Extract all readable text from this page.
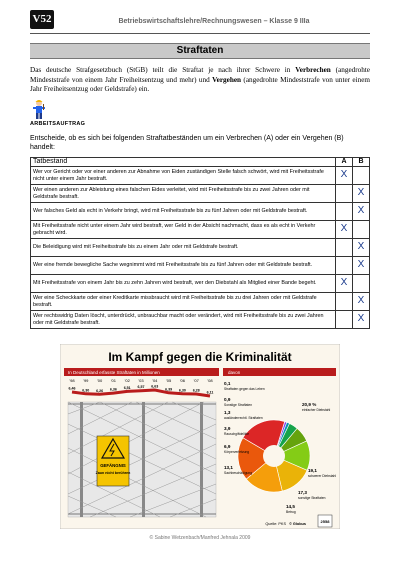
V52	Betriebswirtschaftslehre/Rechnungswesen – Klasse 9 IIIa
Straftaten
Das deutsche Strafgesetzbuch (StGB) teilt die Straftat je nach ihrer Schwere in Verbrechen (angedrohte Mindeststrafe von einem Jahr Freiheitsentzug und mehr) und Vergehen (angedrohte Mindeststrafe von unter einem Jahr Freiheitsentzug oder Geldstrafe) ein.
ARBEITSAUFTRAG
Entscheide, ob es sich bei folgenden Straftatbeständen um ein Verbrechen (A) oder ein Vergehen (B) handelt:
Tatbestand	A	B
Wer vor Gericht oder vor einer anderen zur Abnahme von Eiden zuständigen Stelle falsch schwört, wird mit Freiheitsstrafe nicht unter einem Jahr bestraft.	X	
Wer einen anderen zur Ableistung eines falschen Eides verleitet, wird mit Freiheitsstrafe bis zu zwei Jahren oder mit Geldstrafe bestraft.		X
Wer falsches Geld als echt in Verkehr bringt, wird mit Freiheitsstrafe bis zu fünf Jahren oder mit Geldstrafe bestraft.		X
Mit Freiheitsstrafe nicht unter einem Jahr wird bestraft, wer Geld in der Absicht nachmacht, dass es als echt in Verkehr gebracht wird.	X	
Die Beleidigung wird mit Freiheitsstrafe bis zu einem Jahr oder mit Geldstrafe bestraft.		X
Wer eine fremde bewegliche Sache wegnimmt wird mit Freiheitsstrafe bis zu fünf Jahren oder mit Geldstrafe bestraft.		X
Mit Freiheitsstrafe von einem Jahr bis zu zehn Jahren wird bestraft, wer den Diebstahl als Mitglied einer Bande begeht.	X	
Wer eine Scheckkarte oder einer Kreditkarte missbraucht wird mit Freiheitsstrafe bis zu drei Jahren oder mit Geldstrafe bestraft.		X
Wer rechtswidrig Daten löscht, unterdrückt, unbrauchbar macht oder verändert, wird mit Freiheitsstrafe bis zu zwei Jahren oder mit Geldstrafe bestraft.		X
Im Kampf gegen die Kriminalität
In Deutschland erfasste Straftaten in Millionen	davon
'98 '99 '00 '01 '02 '03 '04 '05 '06 '07 '08
6,46 6,30 6,26 6,36 6,51 6,57 6,63
6,39 6,30 6,28 6,11
GEFÄNGNIS
Zaun nicht berühren
0,1
Straftaten gegen das Leben
0,9
Sonstige Straftaten
1,3
ausländerrechtl. Straftaten
3,9
Rauschgiftdelikte
6,9
Körperverletzung
13,1
Sachbeschädigung
14,5
Betrug
17,3
sonstige Straftaten
19,1
schwerer Diebstahl
20,9 %
einfacher Diebstahl
Quelle: PKS © Globus	2558
© Sabine Wetzenbach/Manfred Jehnala 2009
